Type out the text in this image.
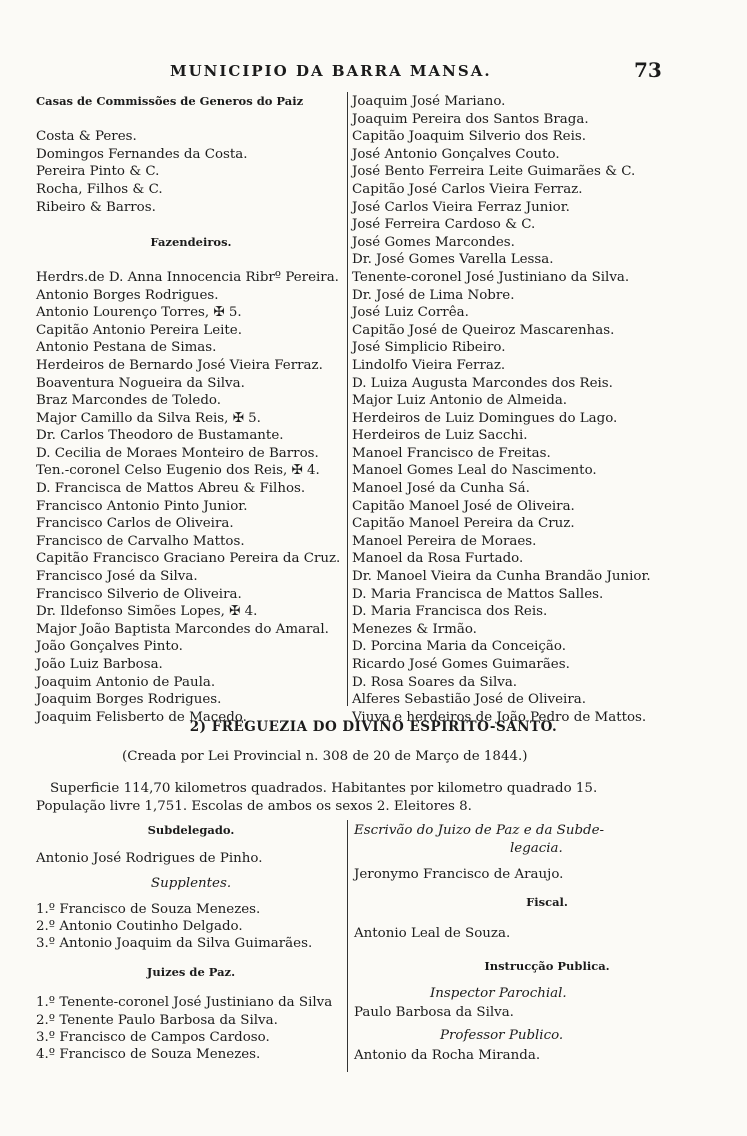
MUNICIPIO DA BARRA MANSA.	73
Casas de Commissões de Generos do Paiz
Costa & Peres.
Domingos Fernandes da Costa.
Pereira Pinto & C.
Rocha, Filhos & C.
Ribeiro & Barros.
Fazendeiros.
Herdrs.de D. Anna Innocencia Ribrº Pereira.
Antonio Borges Rodrigues.
Antonio Lourenço Torres, ✠ 5.
Capitão Antonio Pereira Leite.
Antonio Pestana de Simas.
Herdeiros de Bernardo José Vieira Ferraz.
Boaventura Nogueira da Silva.
Braz Marcondes de Toledo.
Major Camillo da Silva Reis, ✠ 5.
Dr. Carlos Theodoro de Bustamante.
D. Cecilia de Moraes Monteiro de Barros.
Ten.-coronel Celso Eugenio dos Reis, ✠ 4.
D. Francisca de Mattos Abreu & Filhos.
Francisco Antonio Pinto Junior.
Francisco Carlos de Oliveira.
Francisco de Carvalho Mattos.
Capitão Francisco Graciano Pereira da Cruz.
Francisco José da Silva.
Francisco Silverio de Oliveira.
Dr. Ildefonso Simões Lopes, ✠ 4.
Major João Baptista Marcondes do Amaral.
João Gonçalves Pinto.
João Luiz Barbosa.
Joaquim Antonio de Paula.
Joaquim Borges Rodrigues.
Joaquim Felisberto de Macedo.
Joaquim José Mariano.
Joaquim Pereira dos Santos Braga.
Capitão Joaquim Silverio dos Reis.
José Antonio Gonçalves Couto.
José Bento Ferreira Leite Guimarães & C.
Capitão José Carlos Vieira Ferraz.
José Carlos Vieira Ferraz Junior.
José Ferreira Cardoso & C.
José Gomes Marcondes.
Dr. José Gomes Varella Lessa.
Tenente-coronel José Justiniano da Silva.
Dr. José de Lima Nobre.
José Luiz Corrêa.
Capitão José de Queiroz Mascarenhas.
José Simplicio Ribeiro.
Lindolfo Vieira Ferraz.
D. Luiza Augusta Marcondes dos Reis.
Major Luiz Antonio de Almeida.
Herdeiros de Luiz Domingues do Lago.
Herdeiros de Luiz Sacchi.
Manoel Francisco de Freitas.
Manoel Gomes Leal do Nascimento.
Manoel José da Cunha Sá.
Capitão Manoel José de Oliveira.
Capitão Manoel Pereira da Cruz.
Manoel Pereira de Moraes.
Manoel da Rosa Furtado.
Dr. Manoel Vieira da Cunha Brandão Junior.
D. Maria Francisca de Mattos Salles.
D. Maria Francisca dos Reis.
Menezes & Irmão.
D. Porcina Maria da Conceição.
Ricardo José Gomes Guimarães.
D. Rosa Soares da Silva.
Alferes Sebastião José de Oliveira.
Viuva e herdeiros de João Pedro de Mattos.
2) FREGUEZIA DO DIVINO ESPIRITO-SANTO.
(Creada por Lei Provincial n. 308 de 20 de Março de 1844.)
Superficie 114,70 kilometros quadrados. Habitantes por kilometro quadrado 15.
População livre 1,751. Escolas de ambos os sexos 2. Eleitores 8.
Subdelegado.
Antonio José Rodrigues de Pinho.
Supplentes.
1.º Francisco de Souza Menezes.
2.º Antonio Coutinho Delgado.
3.º Antonio Joaquim da Silva Guimarães.
Juizes de Paz.
1.º Tenente-coronel José Justiniano da Silva
2.º Tenente Paulo Barbosa da Silva.
3.º Francisco de Campos Cardoso.
4.º Francisco de Souza Menezes.
Escrivão do Juizo de Paz e da Subde-
legacia.
Jeronymo Francisco de Araujo.
Fiscal.
Antonio Leal de Souza.
Instrucção Publica.
Inspector Parochial.
Paulo Barbosa da Silva.
Professor Publico.
Antonio da Rocha Miranda.
